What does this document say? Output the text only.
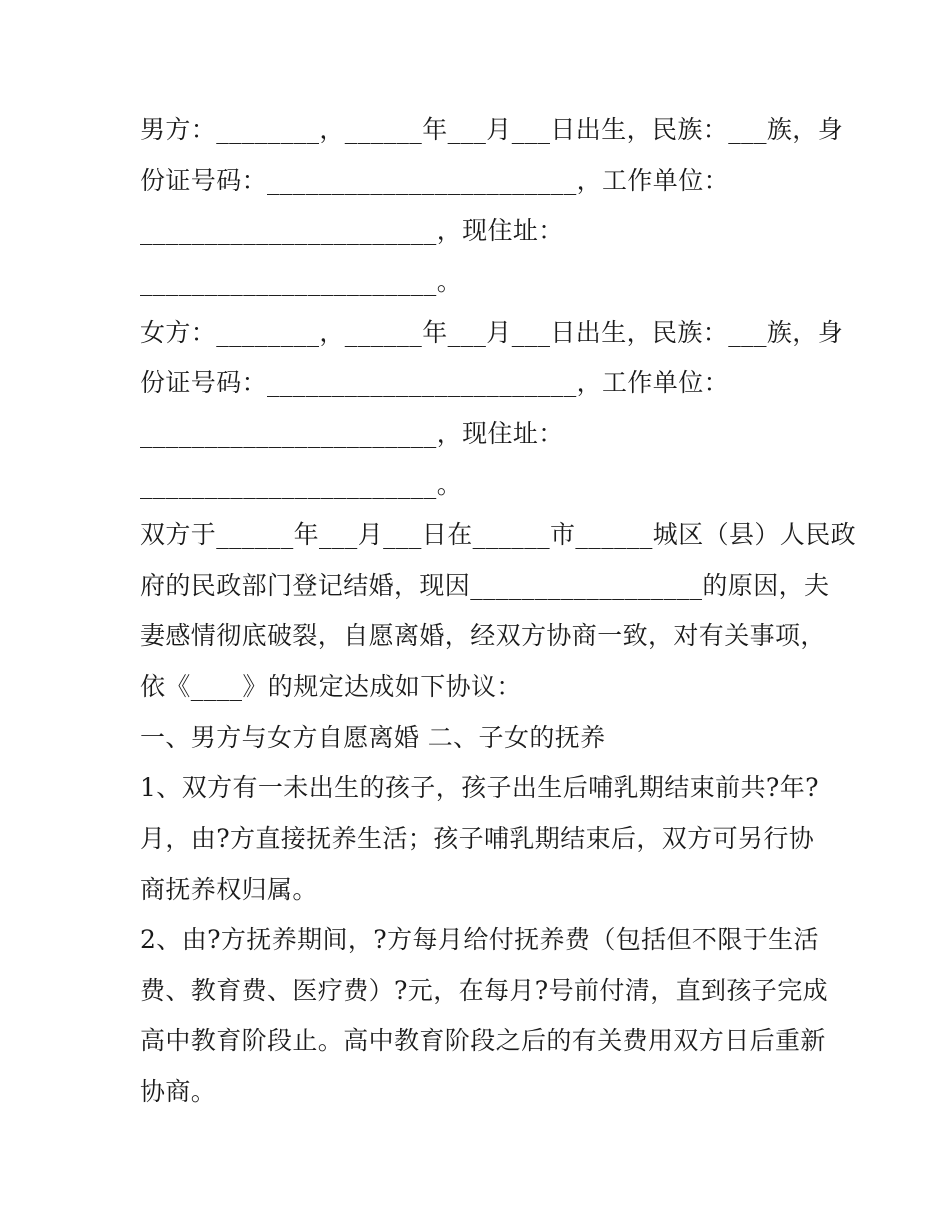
男方：________，______年___月___日出生，民族：___族，身
份证号码：________________________，工作单位：
_______________________，现住址：
_______________________。
女方：________，______年___月___日出生，民族：___族，身
份证号码：________________________，工作单位：
_______________________，现住址：
_______________________。
双方于______年___月___日在______市______城区（县）人民政
府的民政部门登记结婚，现因__________________的原因，夫
妻感情彻底破裂，自愿离婚，经双方协商一致，对有关事项，
依《____》的规定达成如下协议：
一、男方与女方自愿离婚 二、子女的抚养
1、双方有一未出生的孩子，孩子出生后哺乳期结束前共?年?
月，由?方直接抚养生活；孩子哺乳期结束后，双方可另行协
商抚养权归属。
2、由?方抚养期间，?方每月给付抚养费（包括但不限于生活
费、教育费、医疗费）?元，在每月?号前付清，直到孩子完成
高中教育阶段止。高中教育阶段之后的有关费用双方日后重新
协商。
